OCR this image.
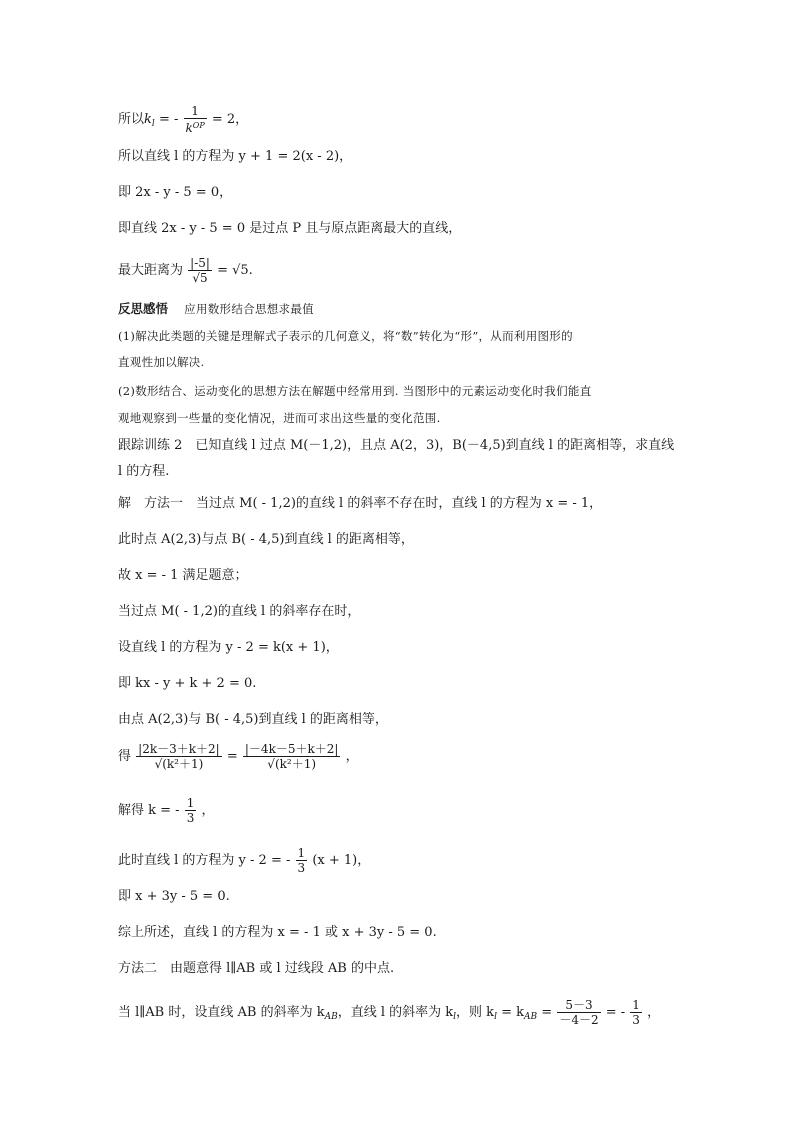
所以$k_l$ = - $\frac{1}{k^{OP}} = 2$，
所以直线 l 的方程为 y + 1 = 2(x - 2)，
即 2x - y - 5 = 0，
即直线 2x - y - 5 = 0 是过点 P 且与原点距离最大的直线，
最大距离为 $\frac{|-5|}{√5} = √5$.
反思感悟 应用数形结合思想求最值
(1)解决此类题的关键是理解式子表示的几何意义，将“数”转化为“形”，从而利用图形的
直观性加以解决.
(2)数形结合、运动变化的思想方法在解题中经常用到. 当图形中的元素运动变化时我们能直
观地观察到一些量的变化情况，进而可求出这些量的变化范围.
跟踪训练 2　已知直线 l 过点 M(－1,2)，且点 A(2，3)，B(－4,5)到直线 l 的距离相等，求直线
l 的方程.
解　方法一　当过点 M( - 1,2)的直线 l 的斜率不存在时，直线 l 的方程为 x = - 1，
此时点 A(2,3)与点 B( - 4,5)到直线 l 的距离相等，
故 x = - 1 满足题意；
当过点 M( - 1,2)的直线 l 的斜率存在时，
设直线 l 的方程为 y - 2 = k(x + 1)，
即 kx - y + k + 2 = 0.
由点 A(2,3)与 B( - 4,5)到直线 l 的距离相等，
得 $\frac{|2k-3+k+2|}{\text{√(k²＋1)}} = \frac{|-4k-5+k+2|}{\text{√(k²＋1)}}$ ，
解得 k = - $\frac{1}{3}$ ，
此时直线 l 的方程为 y - 2 = - $\frac{1}{3} (x + 1)$，
即 x + 3y - 5 = 0.
综上所述，直线 l 的方程为 x = - 1 或 x + 3y - 5 = 0.
方法二　由题意得 l∥AB 或 l 过线段 AB 的中点.
当 l∥AB 时，设直线 AB 的斜率为 $k_{AB}$，直线 l 的斜率为 $k_l$，则 $k_l = k_{AB} = \frac{5-3}{-4-2}$ = - $\frac{1}{3}$ ，
